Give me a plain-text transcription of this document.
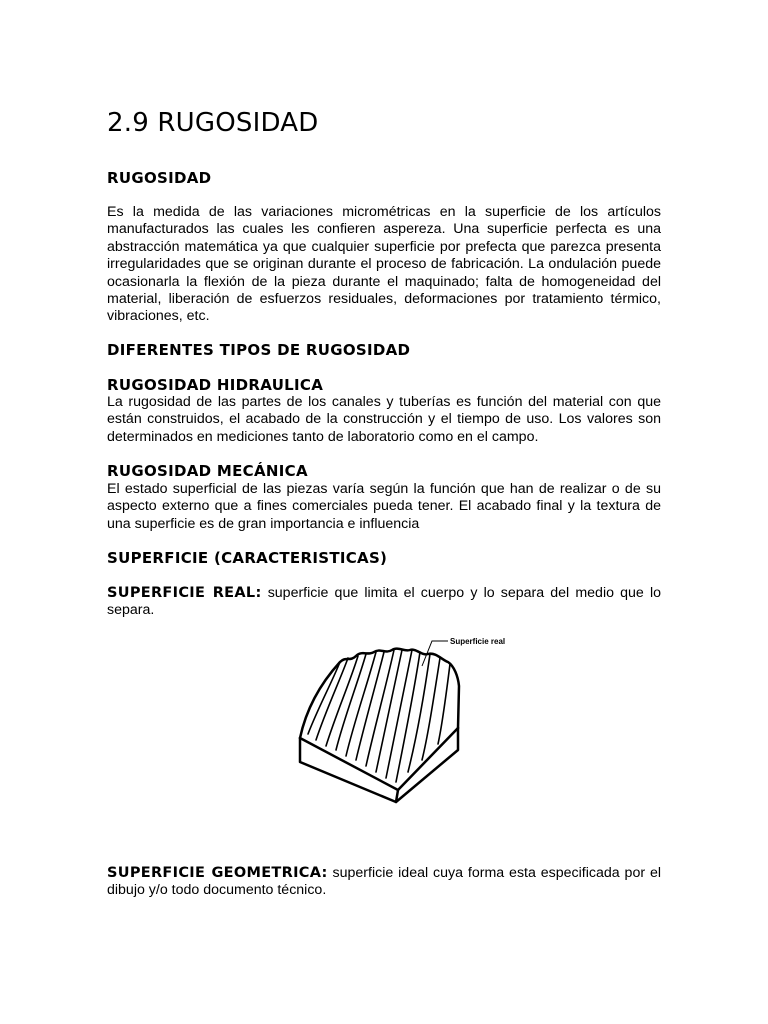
2.9 RUGOSIDAD
RUGOSIDAD

Es la medida de las variaciones micrométricas en la superficie de los artículos manufacturados las cuales les confieren aspereza. Una superficie perfecta es una abstracción matemática ya que cualquier superficie por prefecta que parezca presenta irregularidades que se originan durante el proceso de fabricación. La ondulación puede ocasionarla la flexión de la pieza durante el maquinado; falta de homogeneidad del material, liberación de esfuerzos residuales, deformaciones por tratamiento térmico, vibraciones, etc.

DIFERENTES TIPOS DE RUGOSIDAD
RUGOSIDAD HIDRAULICA

La rugosidad de las partes de los canales y tuberías es función del material con que están construidos, el acabado de la construcción y el tiempo de uso. Los valores son determinados en mediciones tanto de laboratorio como en el campo.

RUGOSIDAD MECÁNICA

El estado superficial de las piezas varía según la función que han de realizar o de su aspecto externo que a fines comerciales pueda tener. El acabado final y la textura de una superficie es de gran importancia e influencia

SUPERFICIE (CARACTERISTICAS)

SUPERFICIE REAL: superficie que limita el cuerpo y lo separa del medio que lo separa.

Superficie real

SUPERFICIE GEOMETRICA: superficie ideal cuya forma esta especificada por el dibujo y/o todo documento técnico.
